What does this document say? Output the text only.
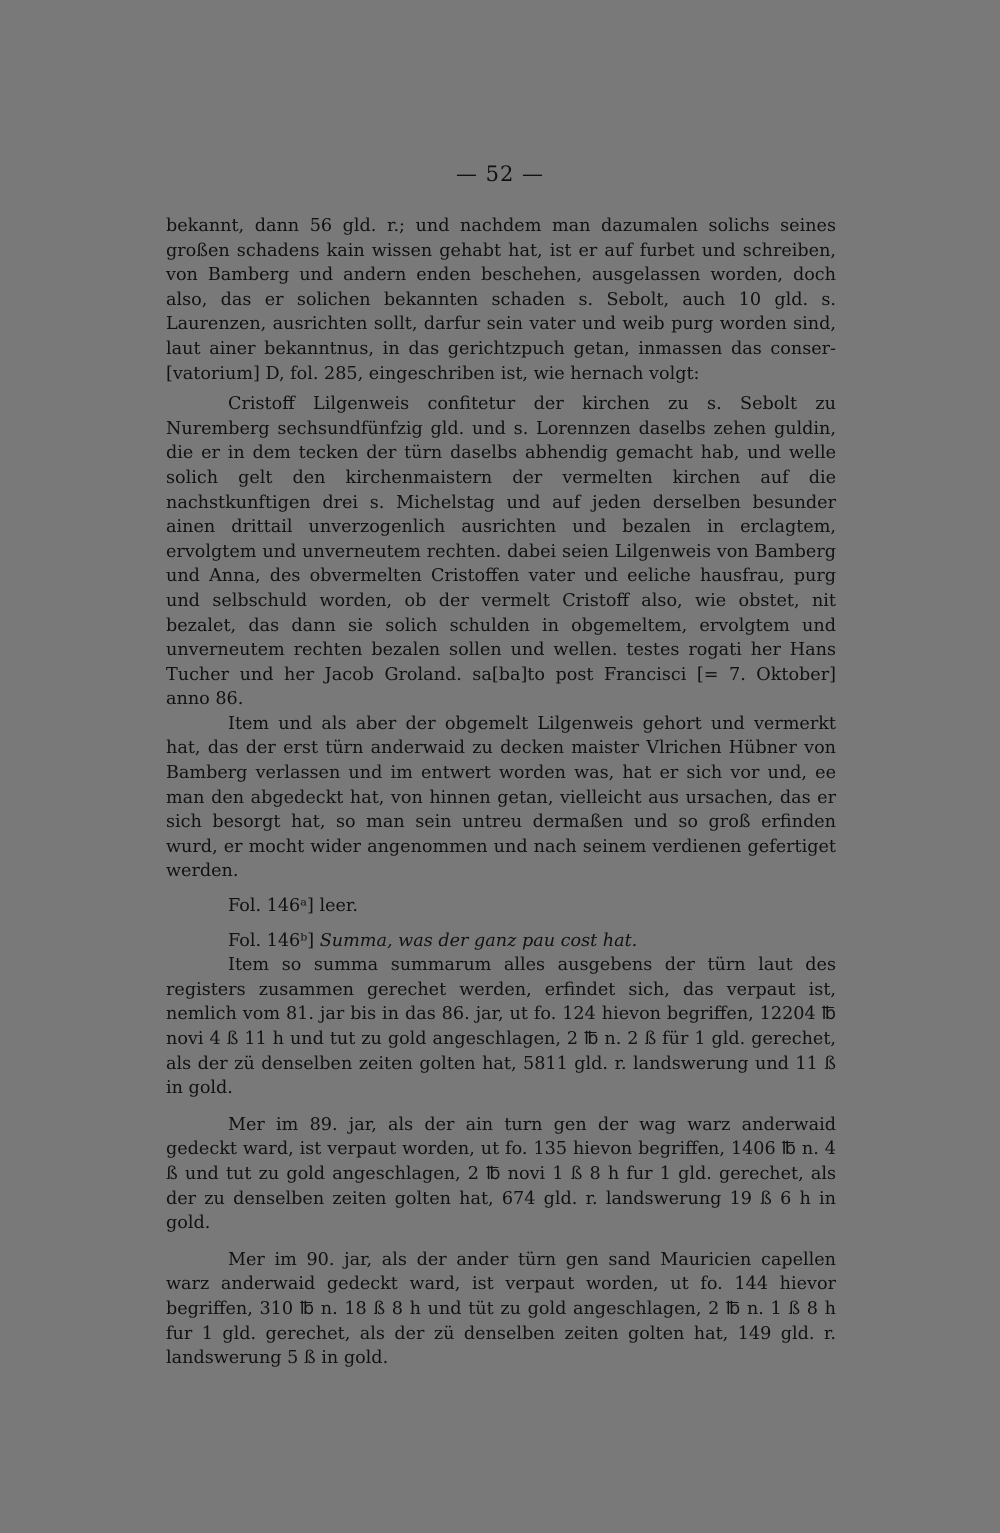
— 52 —

bekannt, dann 56 gld. r.; und nachdem man dazumalen solichs seines großen schadens kain wissen gehabt hat, ist er auf furbet und schreiben, von Bamberg und andern enden beschehen, ausgelassen worden, doch also, das er solichen bekannten schaden s. Sebolt, auch 10 gld. s. Laurenzen, ausrichten sollt, darfur sein vater und weib purg worden sind, laut ainer bekanntnus, in das gerichtzpuch getan, inmassen das conser- [vatorium] D, fol. 285, eingeschriben ist, wie hernach volgt:

Cristoff Lilgenweis confitetur der kirchen zu s. Sebolt zu Nuremberg sechsundfünfzig gld. und s. Lorennzen daselbs zehen guldin, die er in dem tecken der türn daselbs abhendig gemacht hab, und welle solich gelt den kirchenmaistern der vermelten kirchen auf die nachstkunftigen drei s. Michelstag und auf jeden derselben besunder ainen drittail unverzogenlich ausrichten und bezalen in erclagtem, ervolgtem und unverneutem rechten. dabei seien Lilgenweis von Bamberg und Anna, des obvermelten Cristoffen vater und eeliche hausfrau, purg und selbschuld worden, ob der vermelt Cristoff also, wie obstet, nit bezalet, das dann sie solich schulden in obgemeltem, ervolgtem und unverneutem rechten bezalen sollen und wellen. testes rogati her Hans Tucher und her Jacob Groland. sa[ba]to post Francisci [= 7. Oktober] anno 86.

Item und als aber der obgemelt Lilgenweis gehort und vermerkt hat, das der erst türn anderwaid zu decken maister Vlrichen Hübner von Bamberg verlassen und im entwert worden was, hat er sich vor und, ee man den abgedeckt hat, von hinnen getan, vielleicht aus ursachen, das er sich besorgt hat, so man sein untreu dermaßen und so groß erfinden wurd, er mocht wider angenommen und nach seinem verdienen gefertiget werden.

Fol. 146ᵃ] leer.

Fol. 146ᵇ] Summa, was der ganz pau cost hat.

Item so summa summarum alles ausgebens der türn laut des registers zusammen gerechet werden, erfindet sich, das verpaut ist, nemlich vom 81. jar bis in das 86. jar, ut fo. 124 hievon begriffen, 12204 ℔ novi 4 ß 11 h und tut zu gold angeschlagen, 2 ℔ n. 2 ß für 1 gld. gerechet, als der zü denselben zeiten golten hat, 5811 gld. r. landswerung und 11 ß in gold.

Mer im 89. jar, als der ain turn gen der wag warz anderwaid gedeckt ward, ist verpaut worden, ut fo. 135 hievon begriffen, 1406 ℔ n. 4 ß und tut zu gold angeschlagen, 2 ℔ novi 1 ß 8 h fur 1 gld. gerechet, als der zu denselben zeiten golten hat, 674 gld. r. landswerung 19 ß 6 h in gold.

Mer im 90. jar, als der ander türn gen sand Mauricien capellen warz anderwaid gedeckt ward, ist verpaut worden, ut fo. 144 hievor begriffen, 310 ℔ n. 18 ß 8 h und tüt zu gold angeschlagen, 2 ℔ n. 1 ß 8 h fur 1 gld. gerechet, als der zü denselben zeiten golten hat, 149 gld. r. landswerung 5 ß in gold.
